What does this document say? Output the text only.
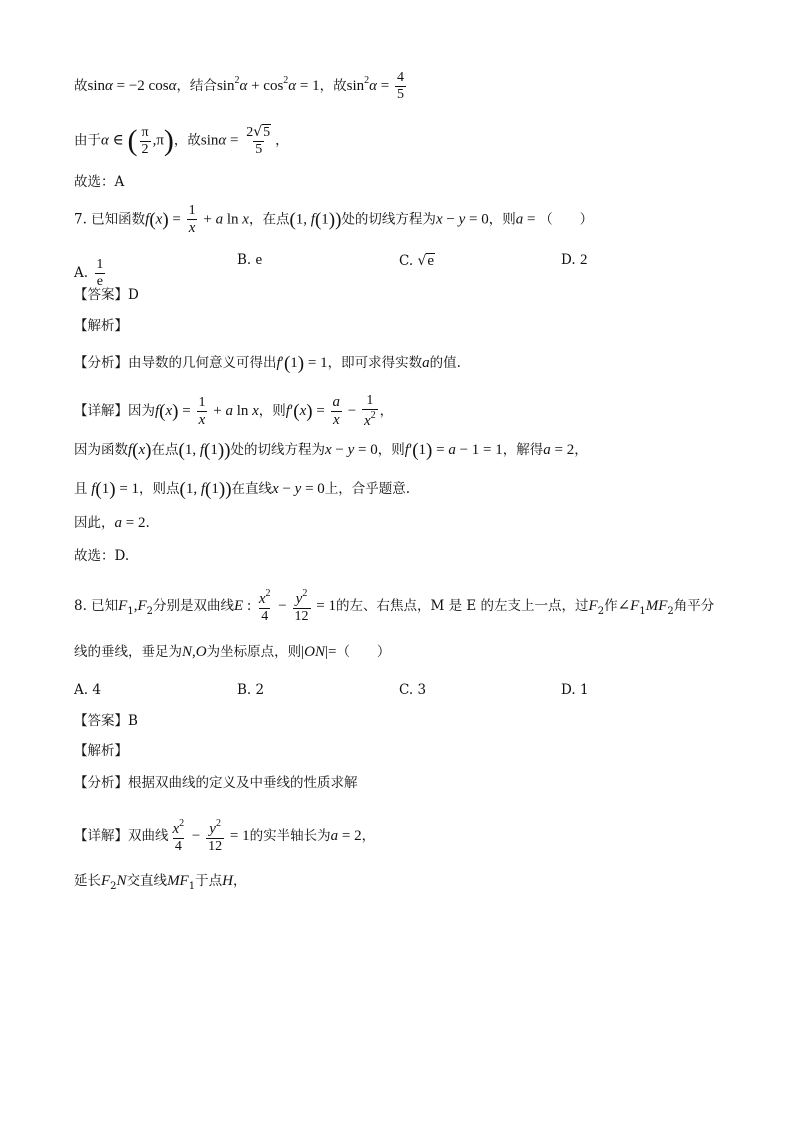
故sinα = −2 cosα，结合$\sin^2\alpha + \cos^2\alpha = 1$，故$\sin^2\alpha = \frac{4}{5}$
由于α ∈ ( $\frac{\pi}{2} ,\pi$)，故$\sin\alpha = \frac{2√5}{5}$ ，
故选：A
7. 已知函数$f(x) = \frac{1}{x} + a$ ln x，在点(1, f(1))处的切线方程为x − y = 0，则a = （　　）
A. $\frac{1}{e}$	B. e	C. √e	D. 2
【答案】D
【解析】
【分析】由导数的几何意义可得出f′(1) = 1，即可求得实数a的值.
【详解】因为$f(x) = \frac{1}{x} + a$ ln x，则$f'(x) = \frac{a}{x} - \frac{1}{x^2}$ ，
因为函数f(x)在点(1, f(1))处的切线方程为x − y = 0，则f′(1) = a − 1 = 1，解得a = 2，
且 f(1) = 1，则点(1, f(1))在直线x − y = 0上，合乎题意.
因此，a = 2.
故选：D.
8. 已知$F_1,F_2$分别是双曲线E : $\frac{x^2}{4} - \frac{y^2}{12} = 1$的左、右焦点，M 是 E 的左支上一点，过$F_2$作$\angle F_1MF_2$角平分
线的垂线，垂足为N,O为坐标原点，则|ON|=（　　）
A. 4	B. 2	C. 3	D. 1
【答案】B
【解析】
【分析】根据双曲线的定义及中垂线的性质求解
【详解】双曲线 $\frac{x^2}{4} - \frac{y^2}{12} = 1$的实半轴长为a = 2，
延长$F_2N$交直线$MF_1$于点H，
